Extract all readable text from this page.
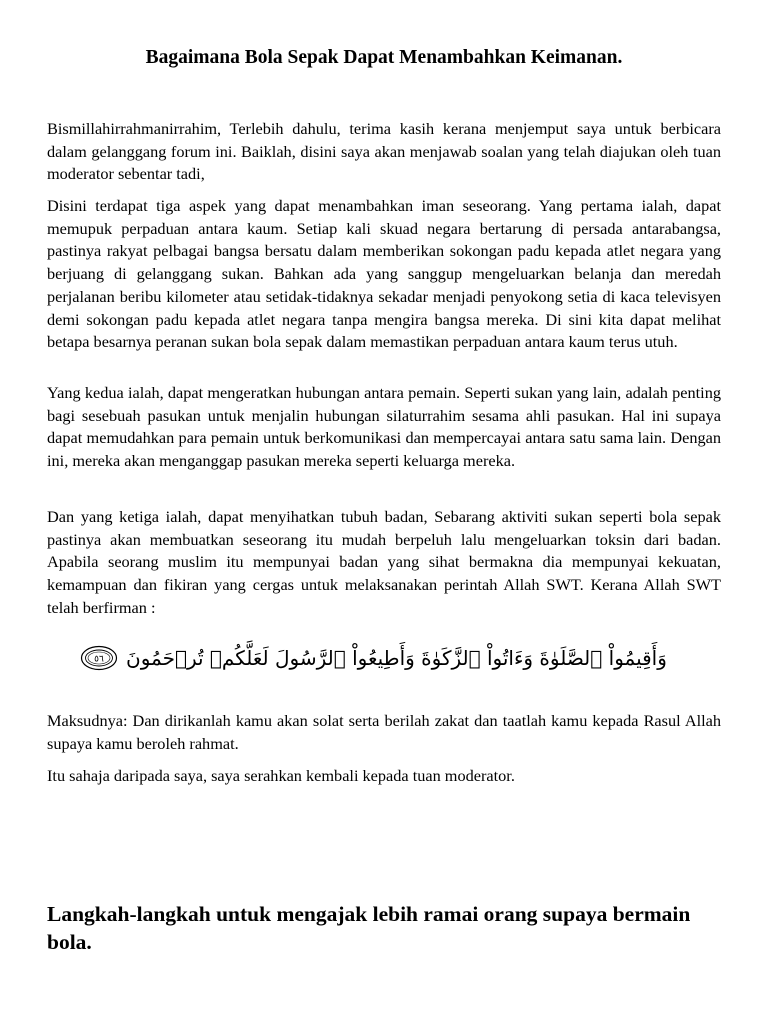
Bagaimana Bola Sepak Dapat Menambahkan Keimanan.

Bismillahirrahmanirrahim, Terlebih dahulu, terima kasih kerana menjemput saya untuk berbicara dalam gelanggang forum ini. Baiklah, disini saya akan menjawab soalan yang telah diajukan oleh tuan moderator sebentar tadi,

Disini terdapat tiga aspek yang dapat menambahkan iman seseorang. Yang pertama ialah, dapat memupuk perpaduan antara kaum. Setiap kali skuad negara bertarung di persada antarabangsa, pastinya rakyat pelbagai bangsa bersatu dalam memberikan sokongan padu kepada atlet negara yang berjuang di gelanggang sukan. Bahkan ada yang sanggup mengeluarkan belanja dan meredah perjalanan beribu kilometer atau setidak-tidaknya sekadar menjadi penyokong setia di kaca televisyen demi sokongan padu kepada atlet negara tanpa mengira bangsa mereka. Di sini kita dapat melihat betapa besarnya peranan sukan bola sepak dalam memastikan perpaduan antara kaum terus utuh.

Yang kedua ialah, dapat mengeratkan hubungan antara pemain. Seperti sukan yang lain, adalah penting bagi sesebuah pasukan untuk menjalin hubungan silaturrahim sesama ahli pasukan. Hal ini supaya dapat memudahkan para pemain untuk berkomunikasi dan mempercayai antara satu sama lain. Dengan ini, mereka akan menganggap pasukan mereka seperti keluarga mereka.

Dan yang ketiga ialah, dapat menyihatkan tubuh badan, Sebarang aktiviti sukan seperti bola sepak pastinya akan membuatkan seseorang itu mudah berpeluh lalu mengeluarkan toksin dari badan. Apabila seorang muslim itu mempunyai badan yang sihat bermakna dia mempunyai kekuatan, kemampuan dan fikiran yang cergas untuk melaksanakan perintah Allah SWT. Kerana Allah SWT telah berfirman :

٥٦	وَأَقِيمُواْ ٱلصَّلَوٰةَ وَءَاتُواْ ٱلزَّكَوٰةَ وَأَطِيعُواْ ٱلرَّسُولَ لَعَلَّكُمۡ تُرۡحَمُونَ

Maksudnya: Dan dirikanlah kamu akan solat serta berilah zakat dan taatlah kamu kepada Rasul Allah supaya kamu beroleh rahmat.

Itu sahaja daripada saya, saya serahkan kembali kepada tuan moderator.

Langkah-langkah untuk mengajak lebih ramai orang supaya bermain bola.
